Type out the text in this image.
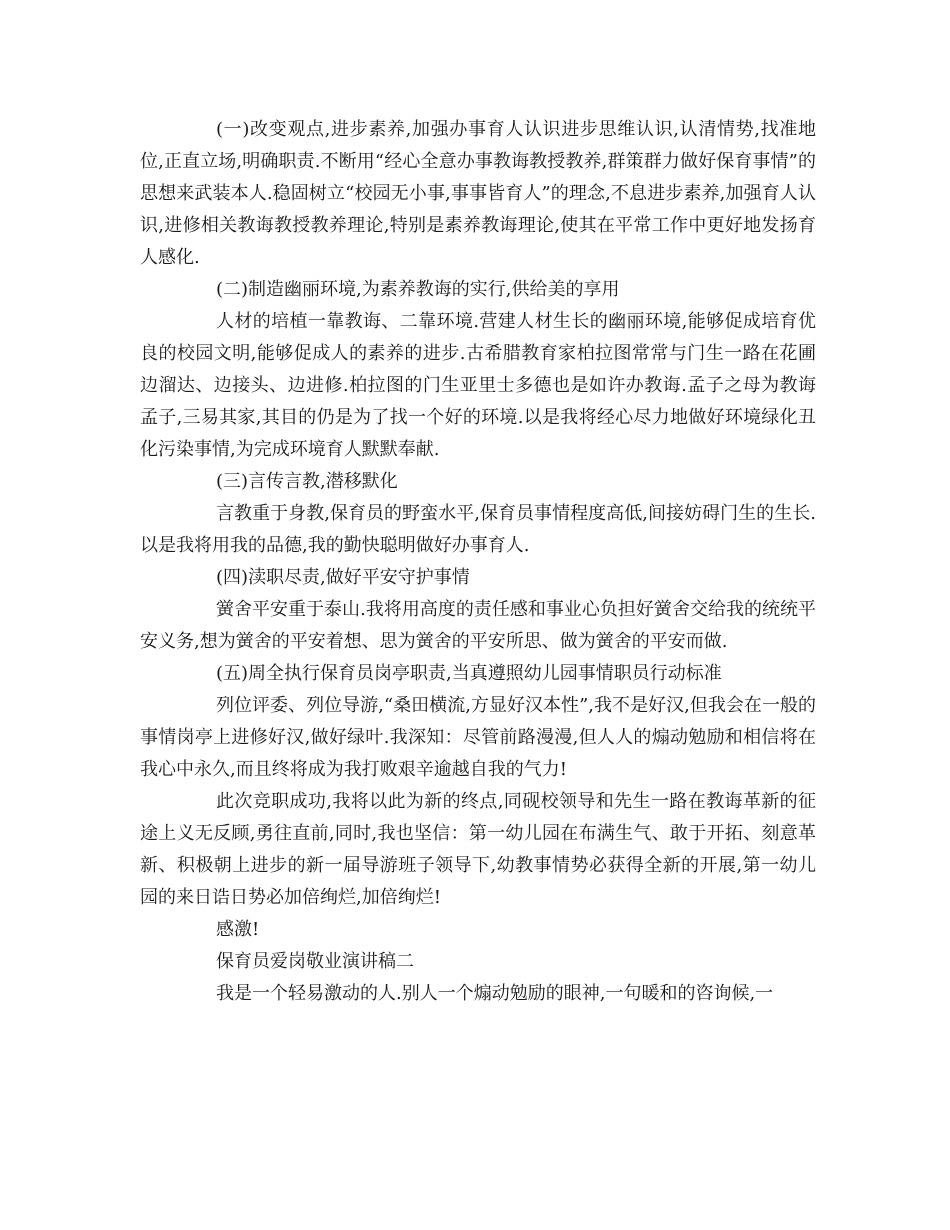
(一)改变观点,进步素养,加强办事育人认识进步思维认识,认清情势,找准地位,正直立场,明确职责.不断用“经心全意办事教诲教授教养,群策群力做好保育事情”的思想来武装本人.稳固树立“校园无小事,事事皆育人”的理念,不息进步素养,加强育人认识,进修相关教诲教授教养理论,特别是素养教诲理论,使其在平常工作中更好地发扬育人感化.

(二)制造幽丽环境,为素养教诲的实行,供给美的享用

人材的培植一靠教诲、二靠环境.营建人材生长的幽丽环境,能够促成培育优良的校园文明,能够促成人的素养的进步.古希腊教育家柏拉图常常与门生一路在花圃边溜达、边接头、边进修.柏拉图的门生亚里士多德也是如许办教诲.孟子之母为教诲孟子,三易其家,其目的仍是为了找一个好的环境.以是我将经心尽力地做好环境绿化丑化污染事情,为完成环境育人默默奉献.

(三)言传言教,潜移默化

言教重于身教,保育员的野蛮水平,保育员事情程度高低,间接妨碍门生的生长.以是我将用我的品德,我的勤快聪明做好办事育人.

(四)渎职尽责,做好平安守护事情

黉舍平安重于泰山.我将用高度的责任感和事业心负担好黉舍交给我的统统平安义务,想为黉舍的平安着想、思为黉舍的平安所思、做为黉舍的平安而做.

(五)周全执行保育员岗亭职责,当真遵照幼儿园事情职员行动标准

列位评委、列位导游,“桑田横流,方显好汉本性”,我不是好汉,但我会在一般的事情岗亭上进修好汉,做好绿叶.我深知：尽管前路漫漫,但人人的煽动勉励和相信将在我心中永久,而且终将成为我打败艰辛逾越自我的气力!

此次竞职成功,我将以此为新的终点,同砚校领导和先生一路在教诲革新的征途上义无反顾,勇往直前,同时,我也坚信：第一幼儿园在布满生气、敢于开拓、刻意革新、积极朝上进步的新一届导游班子领导下,幼教事情势必获得全新的开展,第一幼儿园的来日诰日势必加倍绚烂,加倍绚烂!

感激!

保育员爱岗敬业演讲稿二

我是一个轻易激动的人.别人一个煽动勉励的眼神,一句暖和的咨询候,一
